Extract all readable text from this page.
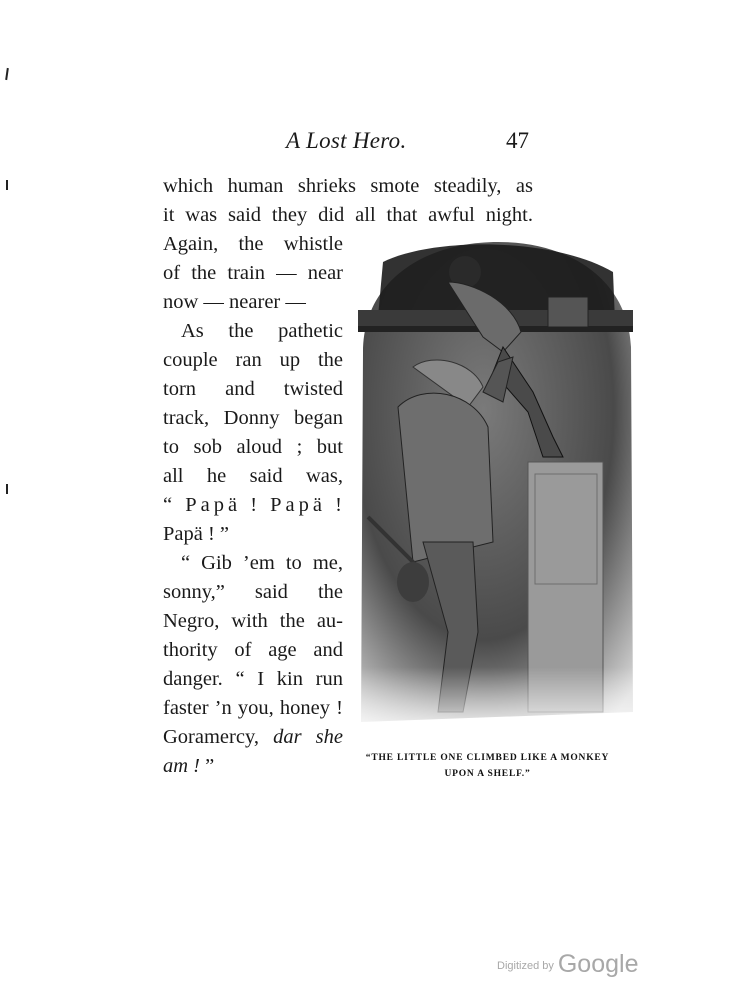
A Lost Hero.	47
which human shrieks smote steadily, as
it was said they did all that awful night.
Again, the whistle
of the train — near
now — nearer —
As the pathetic
couple ran up the
torn and twisted
track, Donny began
to sob aloud ; but
all he said was,
“ Papä ! Papä !
Papä ! ”
“ Gib ’em to me,
sonny,” said the
Negro, with the au-
thority of age and
danger. “ I kin run
faster ’n you, honey !
Goramercy, dar she
am ! ”	“THE LITTLE ONE CLIMBED LIKE A MONKEY
UPON A SHELF.”
Digitized by Google
